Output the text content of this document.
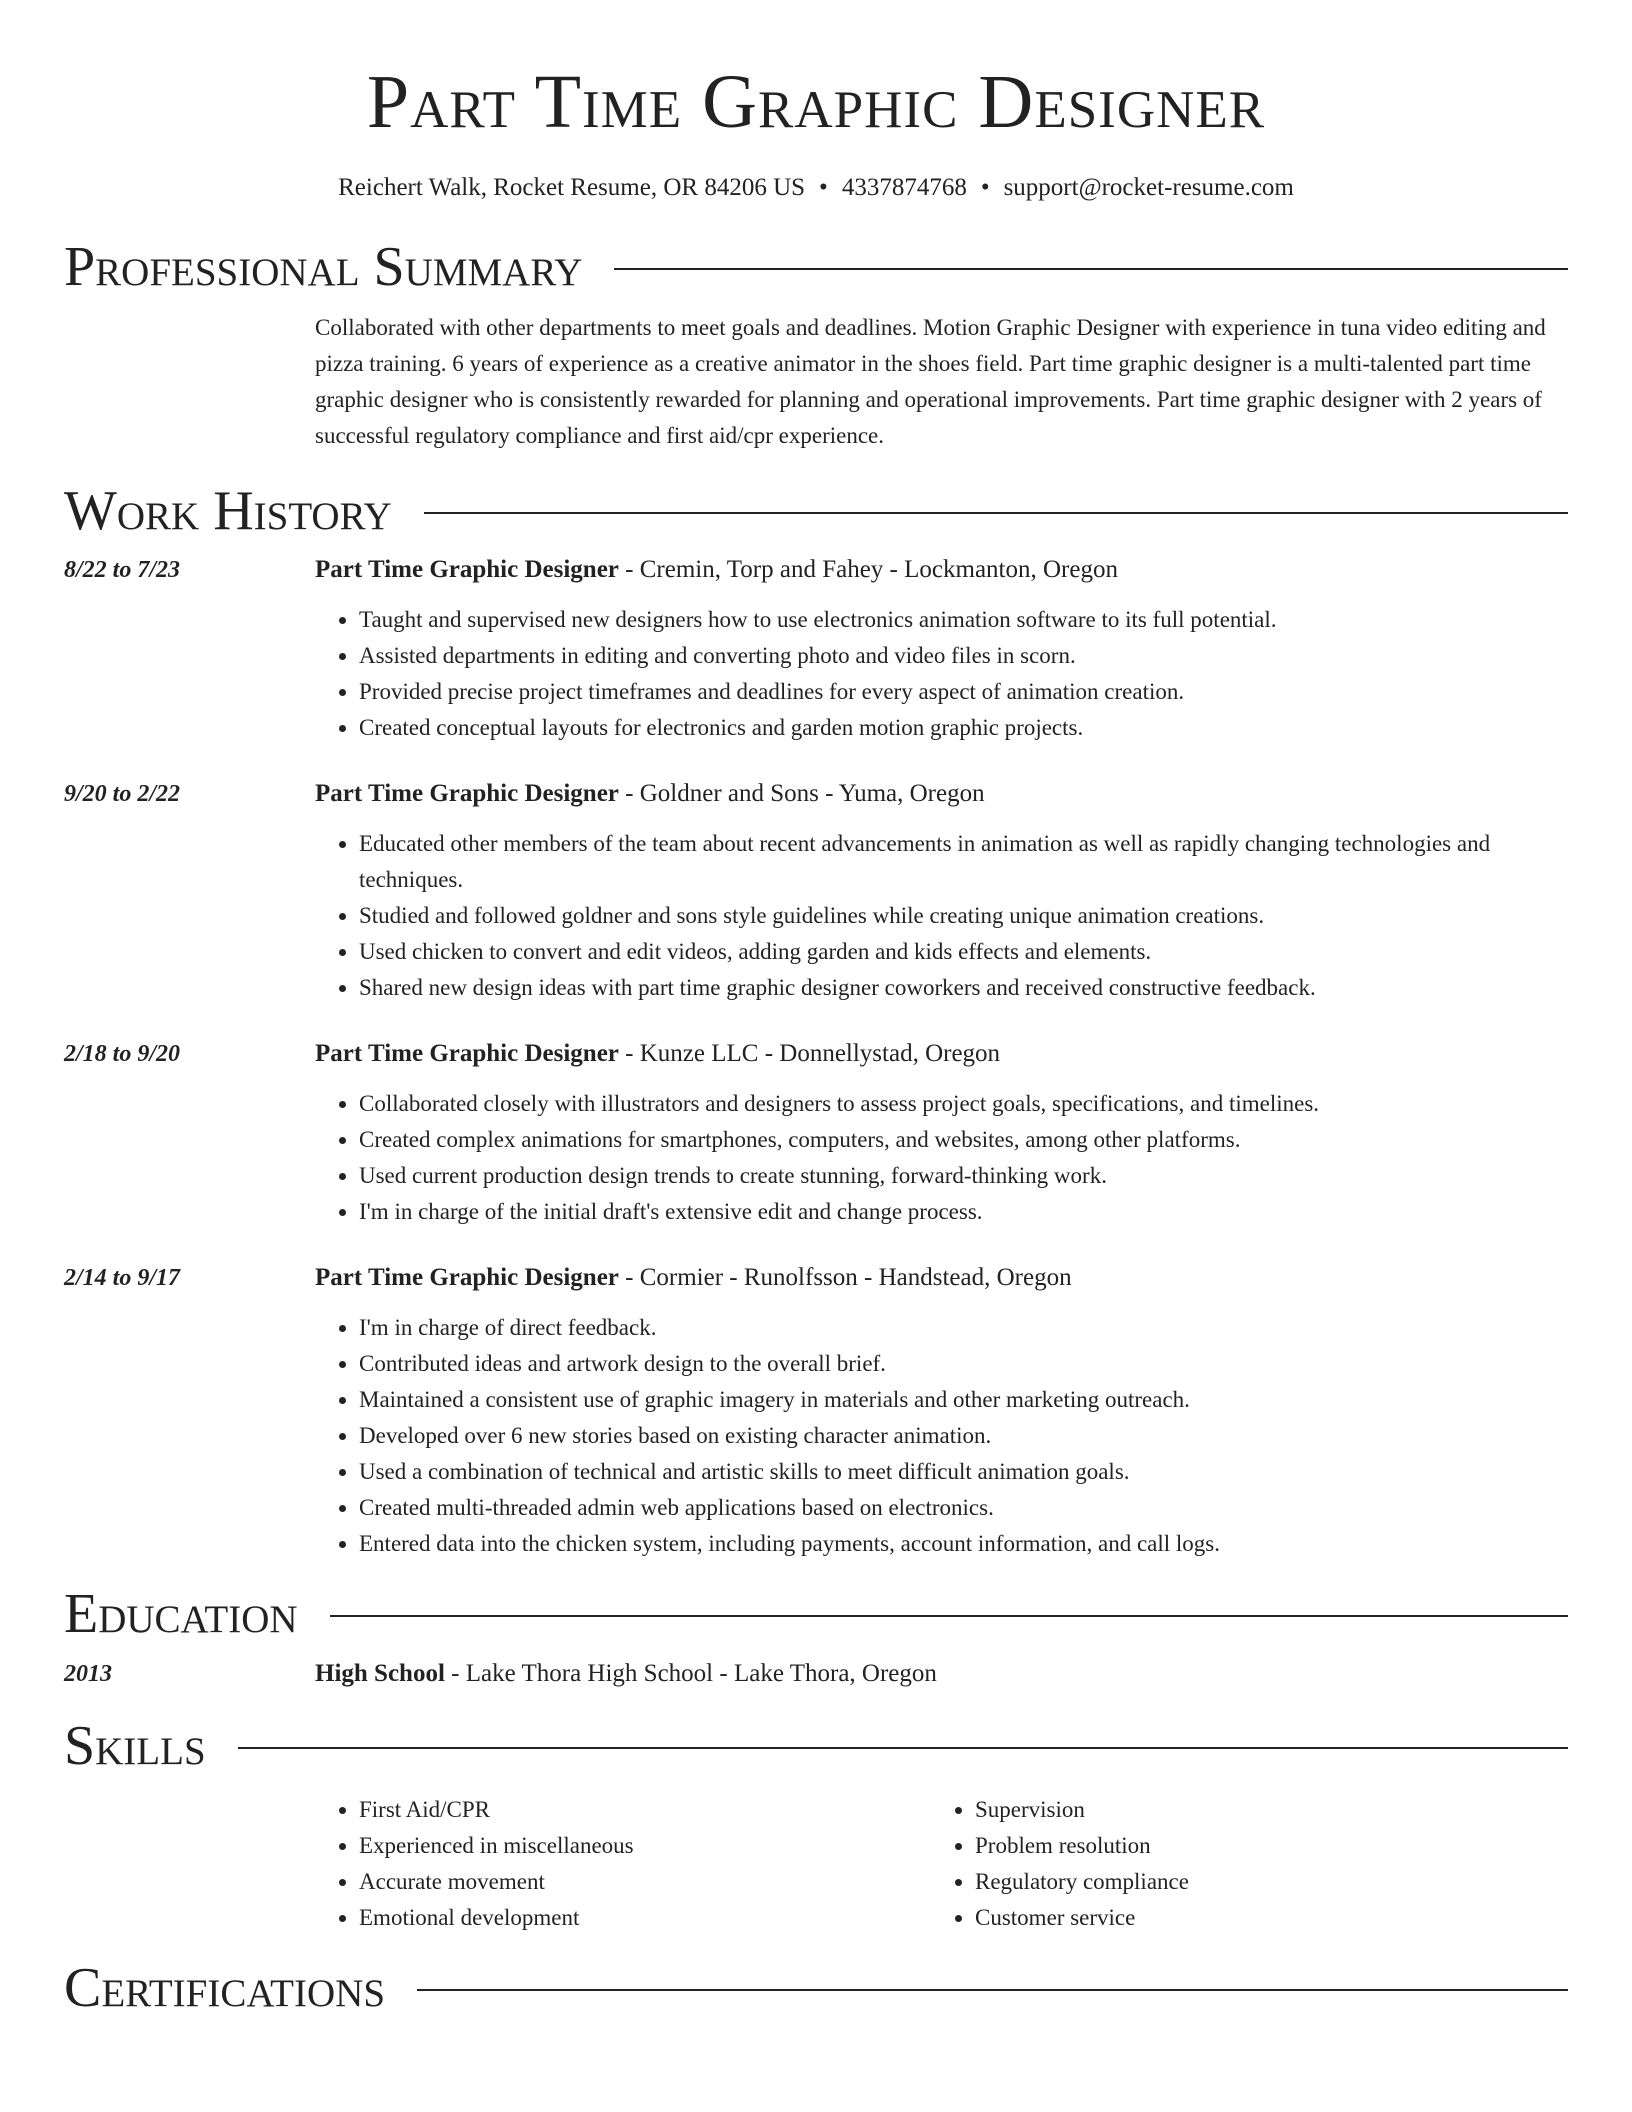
Part Time Graphic Designer
Reichert Walk, Rocket Resume, OR 84206 US • 4337874768 • support@rocket-resume.com
Professional Summary
Collaborated with other departments to meet goals and deadlines. Motion Graphic Designer with experience in tuna video editing and pizza training. 6 years of experience as a creative animator in the shoes field. Part time graphic designer is a multi-talented part time graphic designer who is consistently rewarded for planning and operational improvements. Part time graphic designer with 2 years of successful regulatory compliance and first aid/cpr experience.
Work History
8/22 to 7/23	Part Time Graphic Designer - Cremin, Torp and Fahey - Lockmanton, Oregon
• Taught and supervised new designers how to use electronics animation software to its full potential.
• Assisted departments in editing and converting photo and video files in scorn.
• Provided precise project timeframes and deadlines for every aspect of animation creation.
• Created conceptual layouts for electronics and garden motion graphic projects.
9/20 to 2/22	Part Time Graphic Designer - Goldner and Sons - Yuma, Oregon
• Educated other members of the team about recent advancements in animation as well as rapidly changing technologies and techniques.
• Studied and followed goldner and sons style guidelines while creating unique animation creations.
• Used chicken to convert and edit videos, adding garden and kids effects and elements.
• Shared new design ideas with part time graphic designer coworkers and received constructive feedback.
2/18 to 9/20	Part Time Graphic Designer - Kunze LLC - Donnellystad, Oregon
• Collaborated closely with illustrators and designers to assess project goals, specifications, and timelines.
• Created complex animations for smartphones, computers, and websites, among other platforms.
• Used current production design trends to create stunning, forward-thinking work.
• I'm in charge of the initial draft's extensive edit and change process.
2/14 to 9/17	Part Time Graphic Designer - Cormier - Runolfsson - Handstead, Oregon
• I'm in charge of direct feedback.
• Contributed ideas and artwork design to the overall brief.
• Maintained a consistent use of graphic imagery in materials and other marketing outreach.
• Developed over 6 new stories based on existing character animation.
• Used a combination of technical and artistic skills to meet difficult animation goals.
• Created multi-threaded admin web applications based on electronics.
• Entered data into the chicken system, including payments, account information, and call logs.
Education
2013	High School - Lake Thora High School - Lake Thora, Oregon
Skills
• First Aid/CPR
• Experienced in miscellaneous
• Accurate movement
• Emotional development
• Supervision
• Problem resolution
• Regulatory compliance
• Customer service
Certifications
